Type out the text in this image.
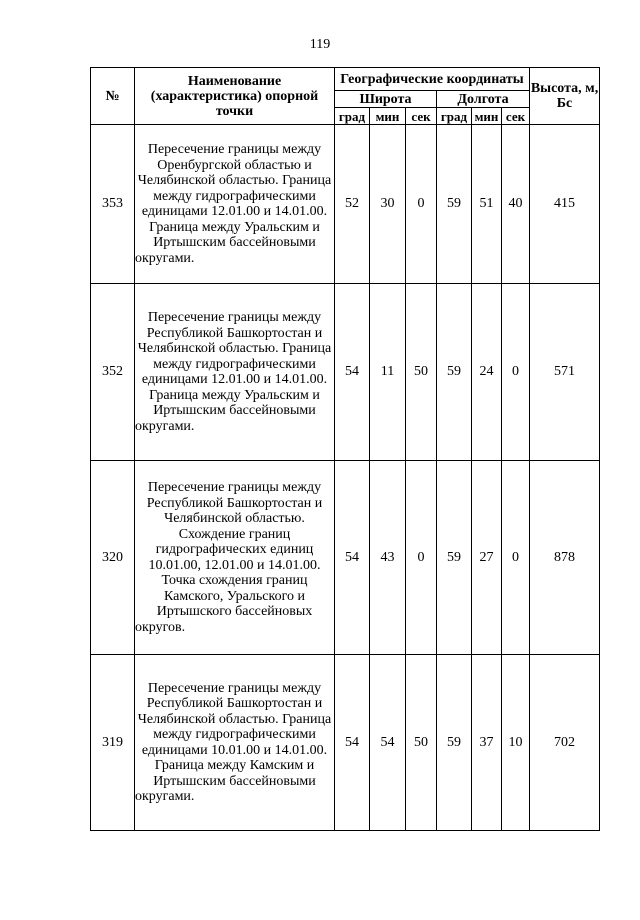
119
№	Наименование (характеристика) опорной точки	Географические координаты						Высота, м, Бс
		Широта			Долгота			
		град	мин	сек	град	мин	сек	
353	Пересечение границы между Оренбургской областью и Челябинской областью. Граница между гидрографическими единицами 12.01.00 и 14.01.00. Граница между Уральским и Иртышским бассейновыми округами.	52	30	0	59	51	40	415
352	Пересечение границы между Республикой Башкортостан и Челябинской областью. Граница между гидрографическими единицами 12.01.00 и 14.01.00. Граница между Уральским и Иртышским бассейновыми округами.	54	11	50	59	24	0	571
320	Пересечение границы между Республикой Башкортостан и Челябинской областью. Схождение границ гидрографических единиц 10.01.00, 12.01.00 и 14.01.00. Точка схождения границ Камского, Уральского и Иртышского бассейновых округов.	54	43	0	59	27	0	878
319	Пересечение границы между Республикой Башкортостан и Челябинской областью. Граница между гидрографическими единицами 10.01.00 и 14.01.00. Граница между Камским и Иртышским бассейновыми округами.	54	54	50	59	37	10	702
